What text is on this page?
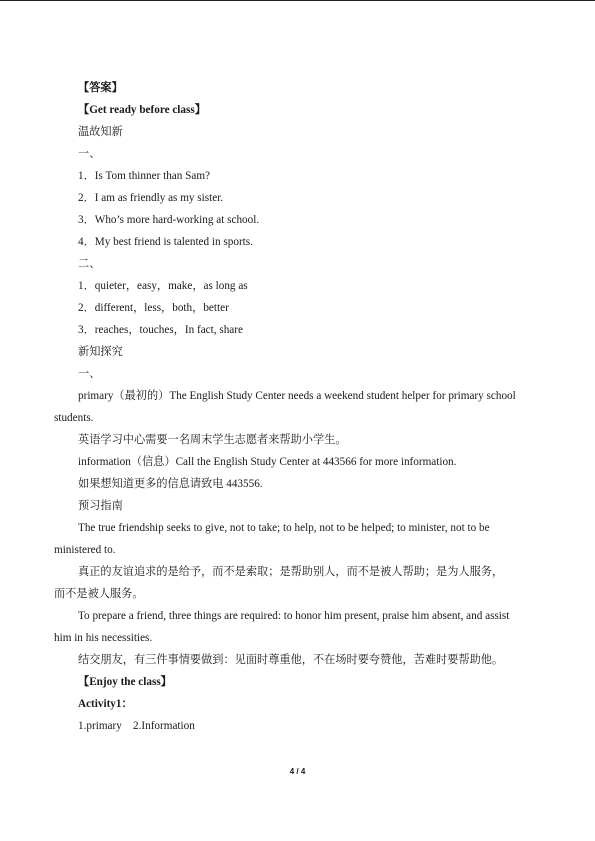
【答案】
【Get ready before class】
温故知新
一、
1．Is Tom thinner than Sam?
2．I am as friendly as my sister.
3．Who’s more hard-working at school.
4．My best friend is talented in sports.
二、
1．quieter，easy，make，as long as
2．different，less，both，better
3．reaches，touches，In fact, share
新知探究
一、
primary（最初的）The English Study Center needs a weekend student helper for primary school
students.
英语学习中心需要一名周末学生志愿者来帮助小学生。
information（信息）Call the English Study Center at 443566 for more information.
如果想知道更多的信息请致电 443556.
预习指南
The true friendship seeks to give, not to take; to help, not to be helped; to minister, not to be
ministered to.
真正的友谊追求的是给予，而不是索取；是帮助别人，而不是被人帮助；是为人服务，
而不是被人服务。
To prepare a friend, three things are required: to honor him present, praise him absent, and assist
him in his necessities.
结交朋友，有三件事情要做到：见面时尊重他，不在场时要夸赞他，苦难时要帮助他。
【Enjoy the class】
Activity1：
1.primary    2.Information
4 / 4
